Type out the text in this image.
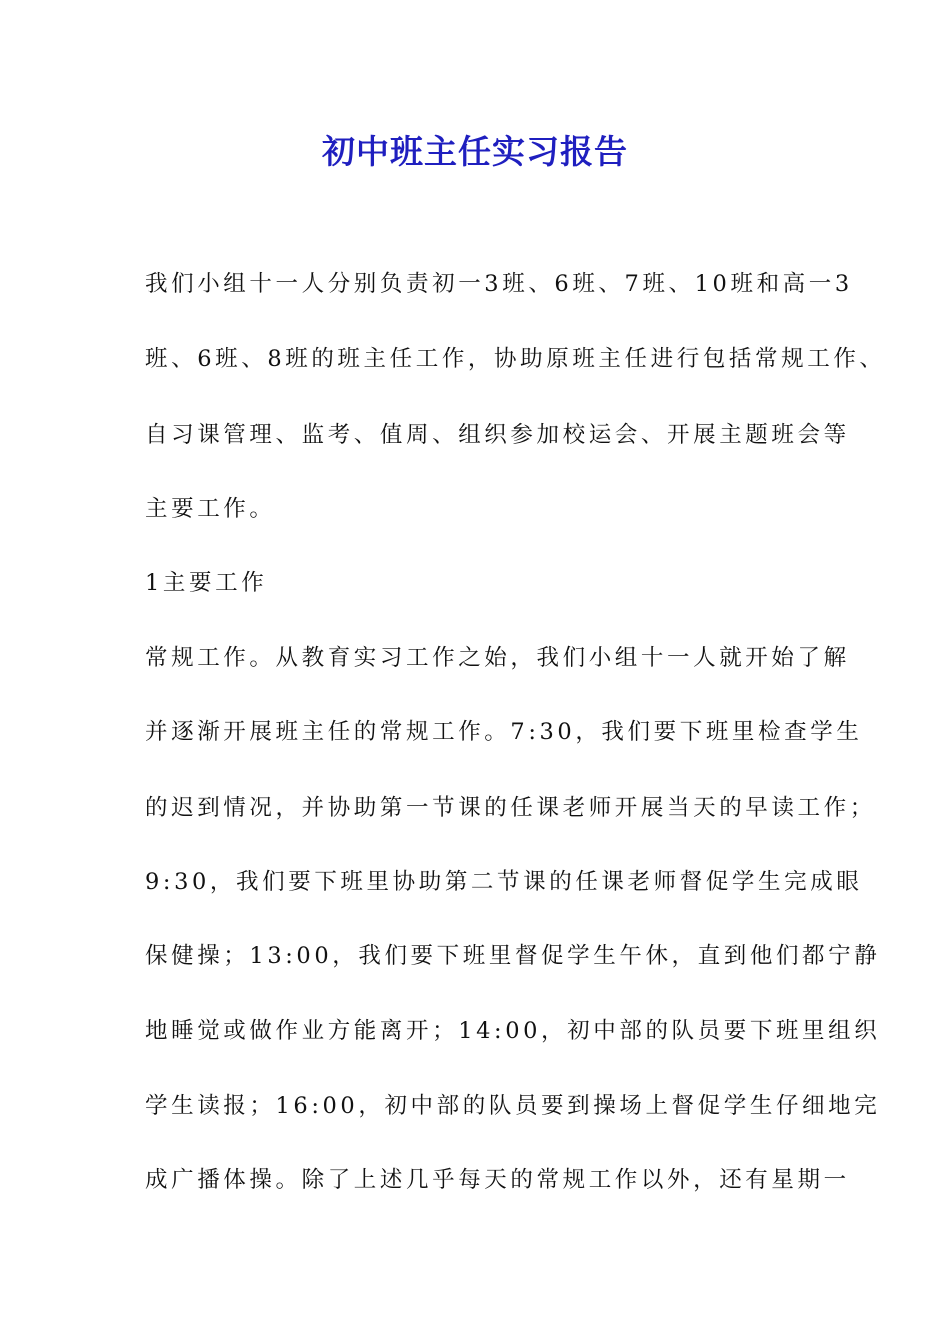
初中班主任实习报告
我们小组十一人分别负责初一3班、6班、7班、10班和高一3
班、6班、8班的班主任工作，协助原班主任进行包括常规工作、
自习课管理、监考、值周、组织参加校运会、开展主题班会等
主要工作。
1主要工作
常规工作。从教育实习工作之始，我们小组十一人就开始了解
并逐渐开展班主任的常规工作。7:30，我们要下班里检查学生
的迟到情况，并协助第一节课的任课老师开展当天的早读工作；
9:30，我们要下班里协助第二节课的任课老师督促学生完成眼
保健操；13:00，我们要下班里督促学生午休，直到他们都宁静
地睡觉或做作业方能离开；14:00，初中部的队员要下班里组织
学生读报；16:00，初中部的队员要到操场上督促学生仔细地完
成广播体操。除了上述几乎每天的常规工作以外，还有星期一
